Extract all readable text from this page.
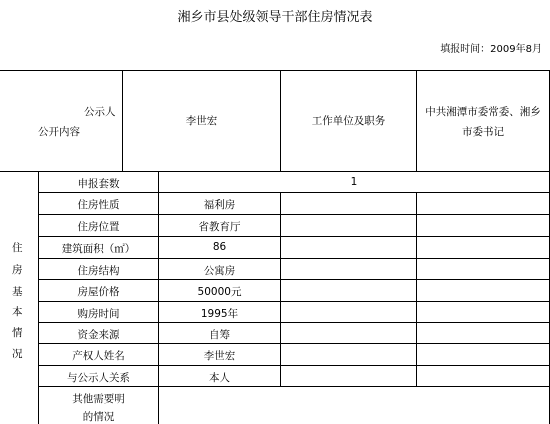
湘乡市县处级领导干部住房情况表
填报时间：2009年8月
公示人
公开内容
李世宏	工作单位及职务
中共湘潭市委常委、湘乡
市委书记
住
房
基
本
情
况
申报套数
住房性质
住房位置
建筑面积（㎡）
住房结构
房屋价格
购房时间
资金来源
产权人姓名
与公示人关系
其他需要明
的情况
1
福利房
省教育厅
86
公寓房
50000元
1995年
自筹
李世宏
本人
